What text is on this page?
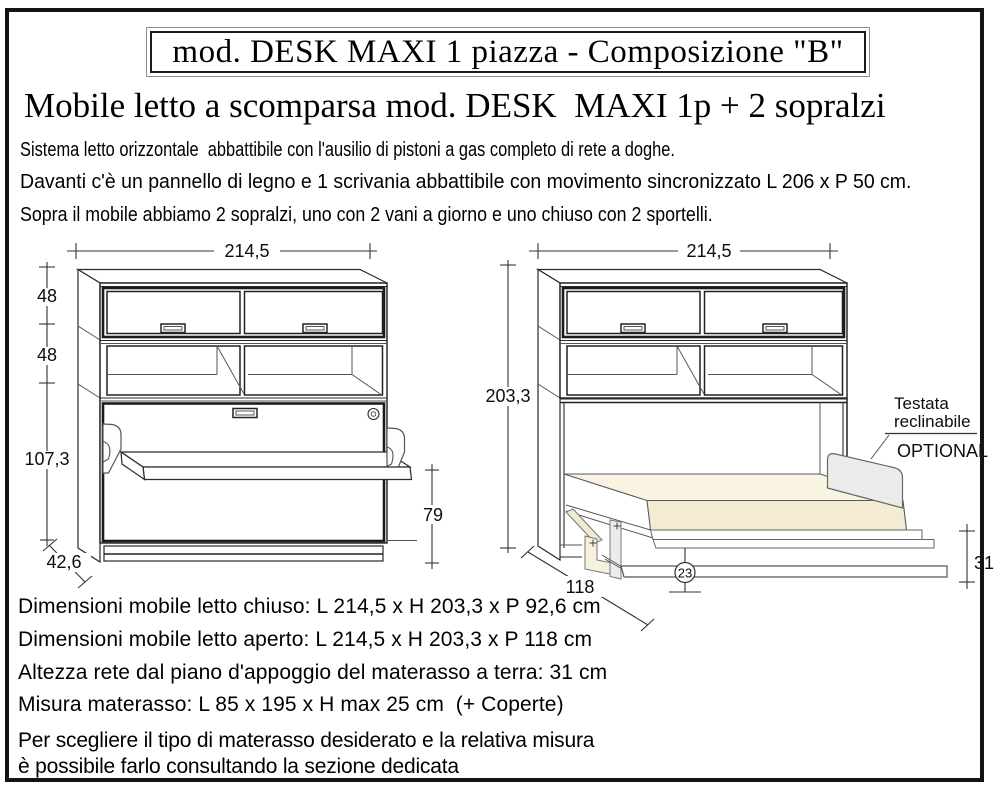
mod. DESK MAXI 1 piazza - Composizione "B"
Mobile letto a scomparsa mod. DESK  MAXI 1p + 2 sopralzi
Sistema letto orizzontale  abbattibile con l'ausilio di pistoni a gas completo di rete a doghe.
Davanti c'è un pannello di legno e 1 scrivania abbattibile con movimento sincronizzato L 206 x P 50 cm.
Sopra il mobile abbiamo 2 sopralzi, uno con 2 vani a giorno e uno chiuso con 2 sportelli.
214,5
48
48
107,3
42,6
79
Testata
reclinabile
OPTIONAL
214,5
203,3
118
23	31
Dimensioni mobile letto chiuso: L 214,5 x H 203,3 x P 92,6 cm
Dimensioni mobile letto aperto: L 214,5 x H 203,3 x P 118 cm
Altezza rete dal piano d'appoggio del materasso a terra: 31 cm
Misura materasso: L 85 x 195 x H max 25 cm  (+ Coperte)
Per scegliere il tipo di materasso desiderato e la relativa misura
è possibile farlo consultando la sezione dedicata
